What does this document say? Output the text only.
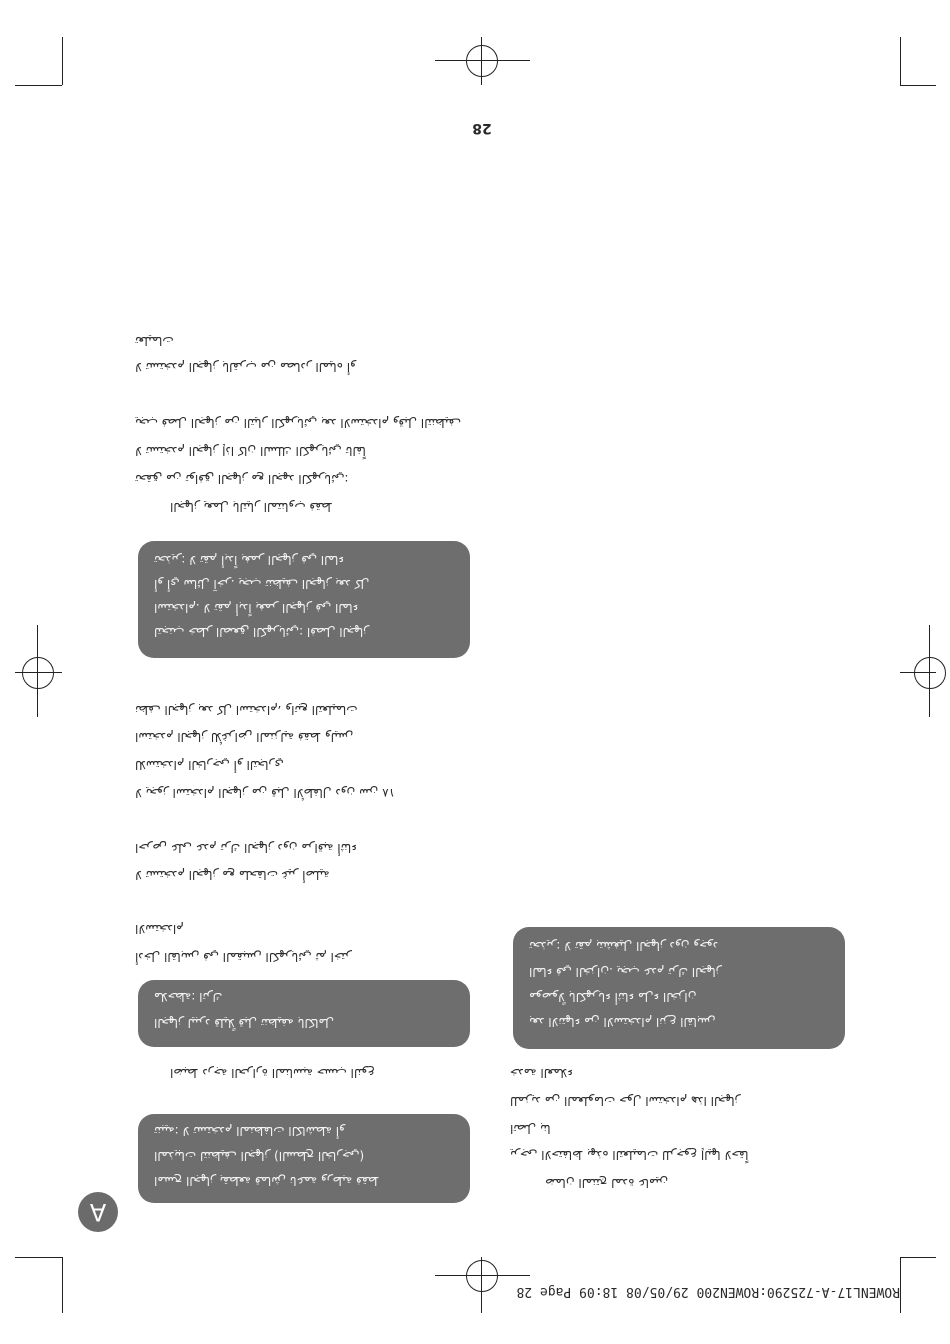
28
تعليمات
لا تستخدم الجهاز بالقرب من مصادر المياه أو
يجب فصل الجهاز من التيار الكهربائي بعد الاستخدام وقبل التنظيف
لا تستخدم الجهاز إذا كان السلك الكهربائي تالفاً
تحقق من توافق الجهاز مع الجهد الكهربائي:
الجهاز يعمل بالتيار المتناوب فقط
تحذير: لا تقم أبداً بغمر الجهاز في الماء
أو أي سائل آخر. يجب تنظيف الجهاز بعد كل
استخدام. لا تقم أبداً بغمر الجهاز في الماء
لتجنب خطر الصعق الكهربائي: افصل الجهاز
نظف الجهاز بعد كل استخدام، واتبع التعليمات
استخدم الجهاز للأغراض المنزلية فقط وليس
للاستخدام الخارجي أو التجاري
لا يجوز استخدام الجهاز من قبل الأطفال دون سن ١٨
احرص على عدم ترك الجهاز دون مراقبة أثناء
لا تستخدم الجهاز مع ملحقات غير أصلية
الاستخدام
أدخل القابس في المقبس الكهربائي ثم اختر
ملاحظة: اترك
الجهاز ليبرد قليلاً قبل تنظيفه بالكامل
اضبط درجة الحرارة المناسبة حسب النوع
تنبيه: لا تستخدم المنظفات الكاشطة أو
المذيبات لتنظيف الجهاز (السطح الخارجي)
امسح الجهاز بقطعة قماش ناعمة ورطبة فقط
تحذير: لا تقم بتشغيل الجهاز دون وجود
الماء في الخزان. يجب عدم ترك الجهاز
موصولاً بالكهرباء أثناء ملء الخزان
بعد الانتهاء من الاستخدام انزع القابس
خدمة العملاء
للمزيد من المعلومات حول استخدام هذا الجهاز
اتصل بنا
يرجى الاحتفاظ بهذه التعليمات للرجوع إليها لاحقاً
ضمان المنتج لمدة عامين
A
ROWENL17-A-725290:ROWEN200 29/05/08 18:09 Page 28
